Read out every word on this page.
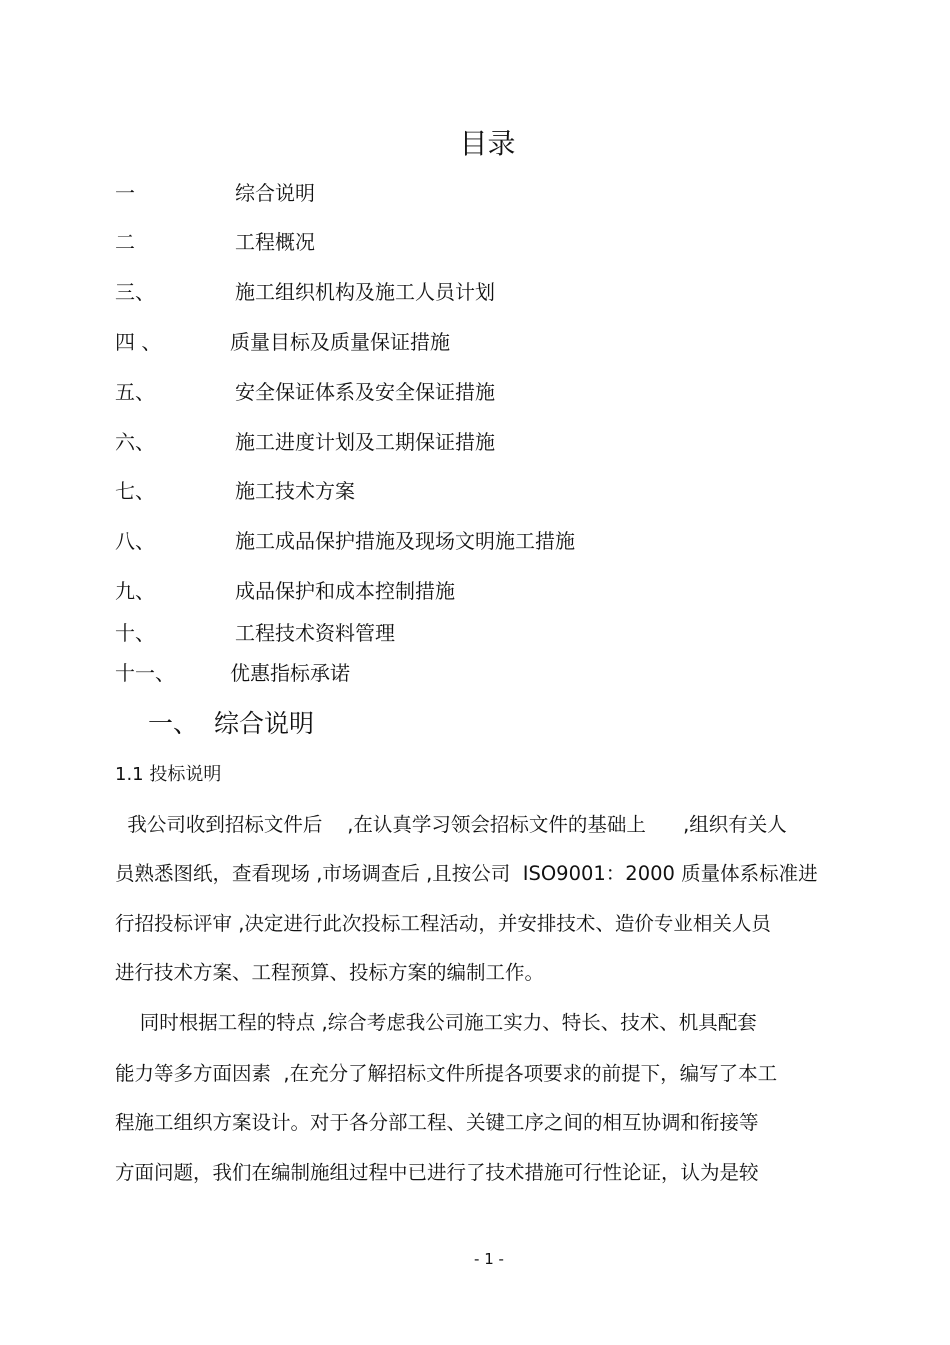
目录
一	综合说明
二	工程概况
三、	施工组织机构及施工人员计划
四 、	质量目标及质量保证措施
五、	安全保证体系及安全保证措施
六、	施工进度计划及工期保证措施
七、	施工技术方案
八、	施工成品保护措施及现场文明施工措施
九、	成品保护和成本控制措施
十、	工程技术资料管理
十一、	优惠指标承诺
一、 综合说明
1.1 投标说明
我公司收到招标文件后    ,在认真学习领会招标文件的基础上      ,组织有关人
员熟悉图纸，查看现场 ,市场调查后 ,且按公司  ISO9001：2000 质量体系标准进
行招投标评审 ,决定进行此次投标工程活动，并安排技术、造价专业相关人员
进行技术方案、工程预算、投标方案的编制工作。
同时根据工程的特点 ,综合考虑我公司施工实力、特长、技术、机具配套
能力等多方面因素  ,在充分了解招标文件所提各项要求的前提下，编写了本工
程施工组织方案设计。对于各分部工程、关键工序之间的相互协调和衔接等
方面问题，我们在编制施组过程中已进行了技术措施可行性论证，认为是较
- 1 -
